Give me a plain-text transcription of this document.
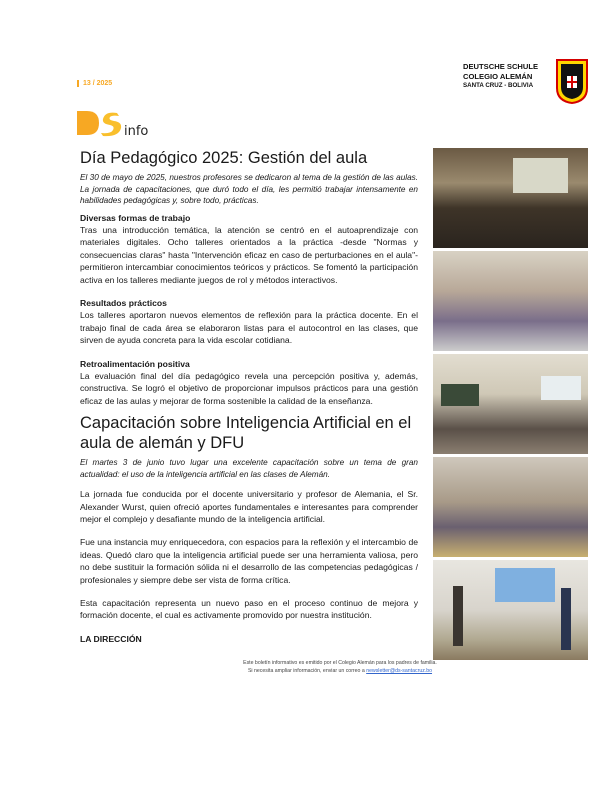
13 / 2025
DEUTSCHE SCHULE
COLEGIO ALEMÁN
SANTA CRUZ - BOLIVIA
info
Día Pedagógico 2025: Gestión del aula
El 30 de mayo de 2025, nuestros profesores se dedicaron al tema de la gestión de las aulas. La jornada de capacitaciones, que duró todo el día, les permitió trabajar intensamente en habilidades pedagógicas y, sobre todo, prácticas.
Diversas formas de trabajo

Tras una introducción temática, la atención se centró en el autoaprendizaje con materiales digitales. Ocho talleres orientados a la práctica -desde "Normas y consecuencias claras" hasta "Intervención eficaz en caso de perturbaciones en el aula"- permitieron intercambiar conocimientos teóricos y prácticos. Se fomentó la participación activa en los talleres mediante juegos de rol y métodos interactivos.

Resultados prácticos

Los talleres aportaron nuevos elementos de reflexión para la práctica docente. En el trabajo final de cada área se elaboraron listas para el autocontrol en las clases, que sirven de ayuda concreta para la vida escolar cotidiana.

Retroalimentación positiva

La evaluación final del día pedagógico revela una percepción positiva y, además, constructiva. Se logró el objetivo de proporcionar impulsos prácticos para una gestión eficaz de las aulas y mejorar de forma sostenible la calidad de la enseñanza.

Capacitación sobre Inteligencia Artificial en el aula de alemán y DFU
El martes 3 de junio tuvo lugar una excelente capacitación sobre un tema de gran actualidad: el uso de la inteligencia artificial en las clases de Alemán.

La jornada fue conducida por el docente universitario y profesor de Alemania, el Sr. Alexander Wurst, quien ofreció aportes fundamentales e interesantes para comprender mejor el complejo y desafiante mundo de la inteligencia artificial.

Fue una instancia muy enriquecedora, con espacios para la reflexión y el intercambio de ideas. Quedó claro que la inteligencia artificial puede ser una herramienta valiosa, pero no debe sustituir la formación sólida ni el desarrollo de las competencias pedagógicas / profesionales y siempre debe ser vista de forma crítica.

Esta capacitación representa un nuevo paso en el proceso continuo de mejora y formación docente, el cual es activamente promovido por nuestra institución.

LA DIRECCIÓN
Este boletín informativo es emitido por el Colegio Alemán para los padres de familia.
Si necesita ampliar información, enviar un correo a newsletter@ds-santacruz.bo
